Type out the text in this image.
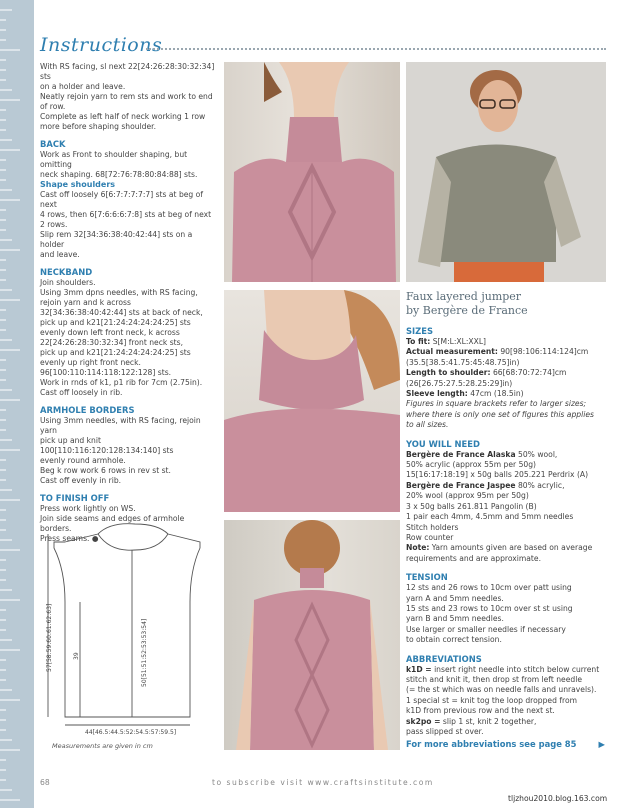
Instructions

With RS facing, sl next 22[24:26:28:30:32:34] sts

on a holder and leave.

Neatly rejoin yarn to rem sts and work to end

of row.

Complete as left half of neck working 1 row

more before shaping shoulder.

BACK

Work as Front to shoulder shaping, but omitting

neck shaping. 68[72:76:78:80:84:88] sts.

Shape shoulders

Cast off loosely 6[6:7:7:7:7:7] sts at beg of next

4 rows, then 6[7:6:6:6:7:8] sts at beg of next

2 rows.

Slip rem 32[34:36:38:40:42:44] sts on a holder

and leave.

NECKBAND

Join shoulders.

Using 3mm dpns needles, with RS facing,

rejoin yarn and k across

32[34:36:38:40:42:44] sts at back of neck,

pick up and k21[21:24:24:24:24:25] sts

evenly down left front neck, k across

22[24:26:28:30:32:34] front neck sts,

pick up and k21[21:24:24:24:24:25] sts

evenly up right front neck.

96[100:110:114:118:122:128] sts.

Work in rnds of k1, p1 rib for 7cm (2.75in).

Cast off loosely in rib.

ARMHOLE BORDERS

Using 3mm needles, with RS facing, rejoin yarn

pick up and knit 100[110:116:120:128:134:140] sts

evenly round armhole.

Beg k row work 6 rows in rev st st.

Cast off evenly in rib.

TO FINISH OFF

Press work lightly on WS.

Join side seams and edges of armhole borders.

Press seams. ●

57[58:59:60:61:62:63]	39	50[51:51:52:53:53:54]
44[46.5:44.5:52:54.5:57:59.5]
Measurements are given in cm

Faux layered jumper

by Bergère de France

SIZES

To fit: S[M:L:XL:XXL]

Actual measurement: 90[98:106:114:124]cm

(35.5[38.5:41.75:45:48.75]in)

Length to shoulder: 66[68:70:72:74]cm

(26[26.75:27.5:28.25:29]in)

Sleeve length: 47cm (18.5in)

Figures in square brackets refer to larger sizes;

where there is only one set of figures this applies

to all sizes.

YOU WILL NEED

Bergère de France Alaska 50% wool,

50% acrylic (approx 55m per 50g)

15[16:17:18:19] x 50g balls 205.221 Perdrix (A)

Bergère de France Jaspee 80% acrylic,

20% wool (approx 95m per 50g)

3 x 50g balls 261.811 Pangolin (B)

1 pair each 4mm, 4.5mm and 5mm needles

Stitch holders

Row counter

Note: Yarn amounts given are based on average

requirements and are approximate.

TENSION

12 sts and 26 rows to 10cm over patt using

yarn A and 5mm needles.

15 sts and 23 rows to 10cm over st st using

yarn B and 5mm needles.

Use larger or smaller needles if necessary

to obtain correct tension.

ABBREVIATIONS

k1D = insert right needle into stitch below current

stitch and knit it, then drop st from left needle

(= the st which was on needle falls and unravels).

1 special st = knit tog the loop dropped from

k1D from previous row and the next st.

sk2po = slip 1 st, knit 2 together,

pass slipped st over.

For more abbreviations see page 85	▶

68	to subscribe visit www.craftsinstitute.com
tljzhou2010.blog.163.com
